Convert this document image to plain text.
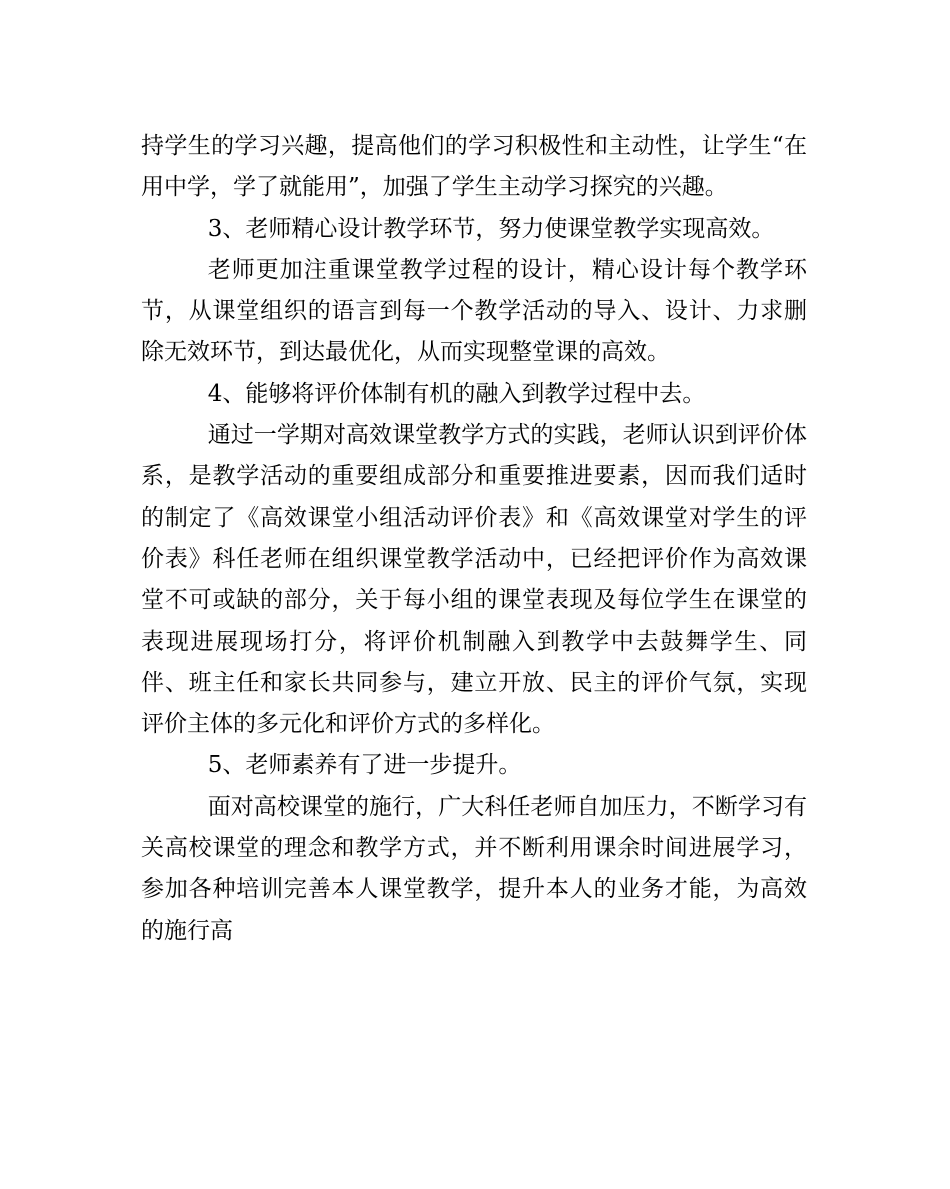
持学生的学习兴趣，提高他们的学习积极性和主动性，让学生“在用中学，学了就能用”，加强了学生主动学习探究的兴趣。

3、老师精心设计教学环节，努力使课堂教学实现高效。

老师更加注重课堂教学过程的设计，精心设计每个教学环节，从课堂组织的语言到每一个教学活动的导入、设计、力求删除无效环节，到达最优化，从而实现整堂课的高效。

4、能够将评价体制有机的融入到教学过程中去。

通过一学期对高效课堂教学方式的实践，老师认识到评价体系，是教学活动的重要组成部分和重要推进要素，因而我们适时的制定了《高效课堂小组活动评价表》和《高效课堂对学生的评价表》科任老师在组织课堂教学活动中，已经把评价作为高效课堂不可或缺的部分，关于每小组的课堂表现及每位学生在课堂的表现进展现场打分，将评价机制融入到教学中去鼓舞学生、同伴、班主任和家长共同参与，建立开放、民主的评价气氛，实现评价主体的多元化和评价方式的多样化。

5、老师素养有了进一步提升。

面对高校课堂的施行，广大科任老师自加压力，不断学习有关高校课堂的理念和教学方式，并不断利用课余时间进展学习，参加各种培训完善本人课堂教学，提升本人的业务才能，为高效的施行高
